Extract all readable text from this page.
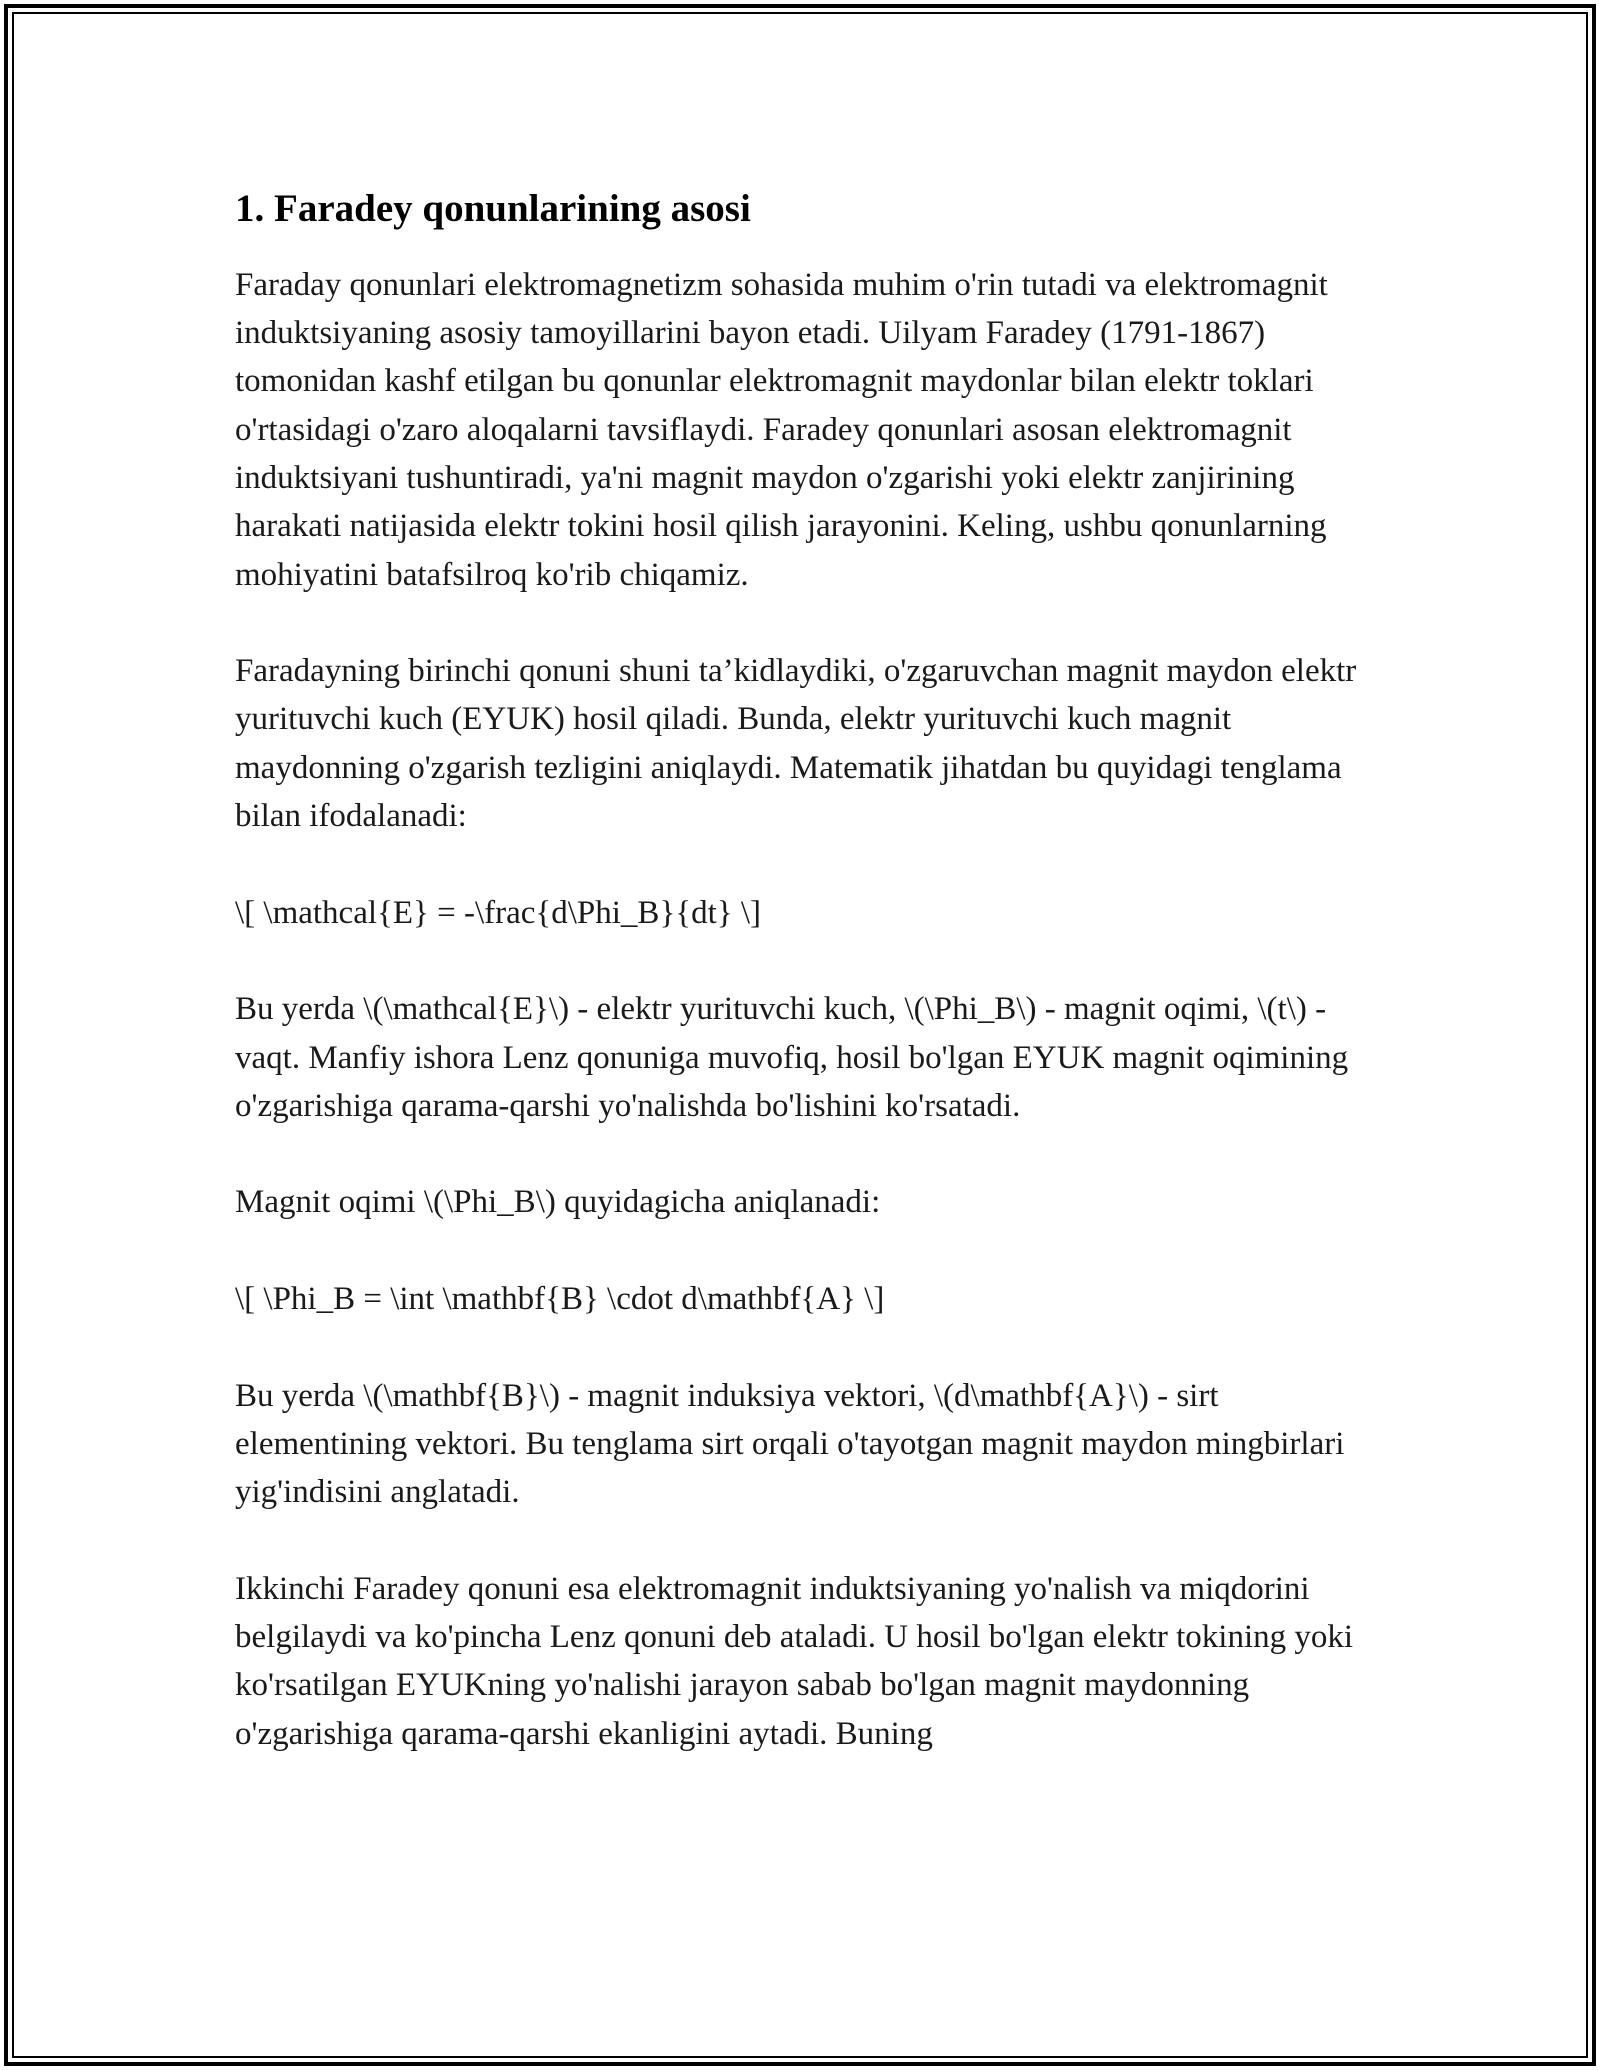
1. Faradey qonunlarining asosi

Faraday qonunlari elektromagnetizm sohasida muhim o'rin tutadi va elektromagnit induktsiyaning asosiy tamoyillarini bayon etadi. Uilyam Faradey (1791-1867) tomonidan kashf etilgan bu qonunlar elektromagnit maydonlar bilan elektr toklari o'rtasidagi o'zaro aloqalarni tavsiflaydi. Faradey qonunlari asosan elektromagnit induktsiyani tushuntiradi, ya'ni magnit maydon o'zgarishi yoki elektr zanjirining harakati natijasida elektr tokini hosil qilish jarayonini. Keling, ushbu qonunlarning mohiyatini batafsilroq ko'rib chiqamiz.

Faradayning birinchi qonuni shuni ta’kidlaydiki, o'zgaruvchan magnit maydon elektr yurituvchi kuch (EYUK) hosil qiladi. Bunda, elektr yurituvchi kuch magnit maydonning o'zgarish tezligini aniqlaydi. Matematik jihatdan bu quyidagi tenglama bilan ifodalanadi:

\[ \mathcal{E} = -\frac{d\Phi_B}{dt} \]

Bu yerda \(\mathcal{E}\) - elektr yurituvchi kuch, \(\Phi_B\) - magnit oqimi, \(t\) - vaqt. Manfiy ishora Lenz qonuniga muvofiq, hosil bo'lgan EYUK magnit oqimining o'zgarishiga qarama-qarshi yo'nalishda bo'lishini ko'rsatadi.

Magnit oqimi \(\Phi_B\) quyidagicha aniqlanadi:

\[ \Phi_B = \int \mathbf{B} \cdot d\mathbf{A} \]

Bu yerda \(\mathbf{B}\) - magnit induksiya vektori, \(d\mathbf{A}\) - sirt elementining vektori. Bu tenglama sirt orqali o'tayotgan magnit maydon mingbirlari yig'indisini anglatadi.

Ikkinchi Faradey qonuni esa elektromagnit induktsiyaning yo'nalish va miqdorini belgilaydi va ko'pincha Lenz qonuni deb ataladi. U hosil bo'lgan elektr tokining yoki ko'rsatilgan EYUKning yo'nalishi jarayon sabab bo'lgan magnit maydonning o'zgarishiga qarama-qarshi ekanligini aytadi. Buning
